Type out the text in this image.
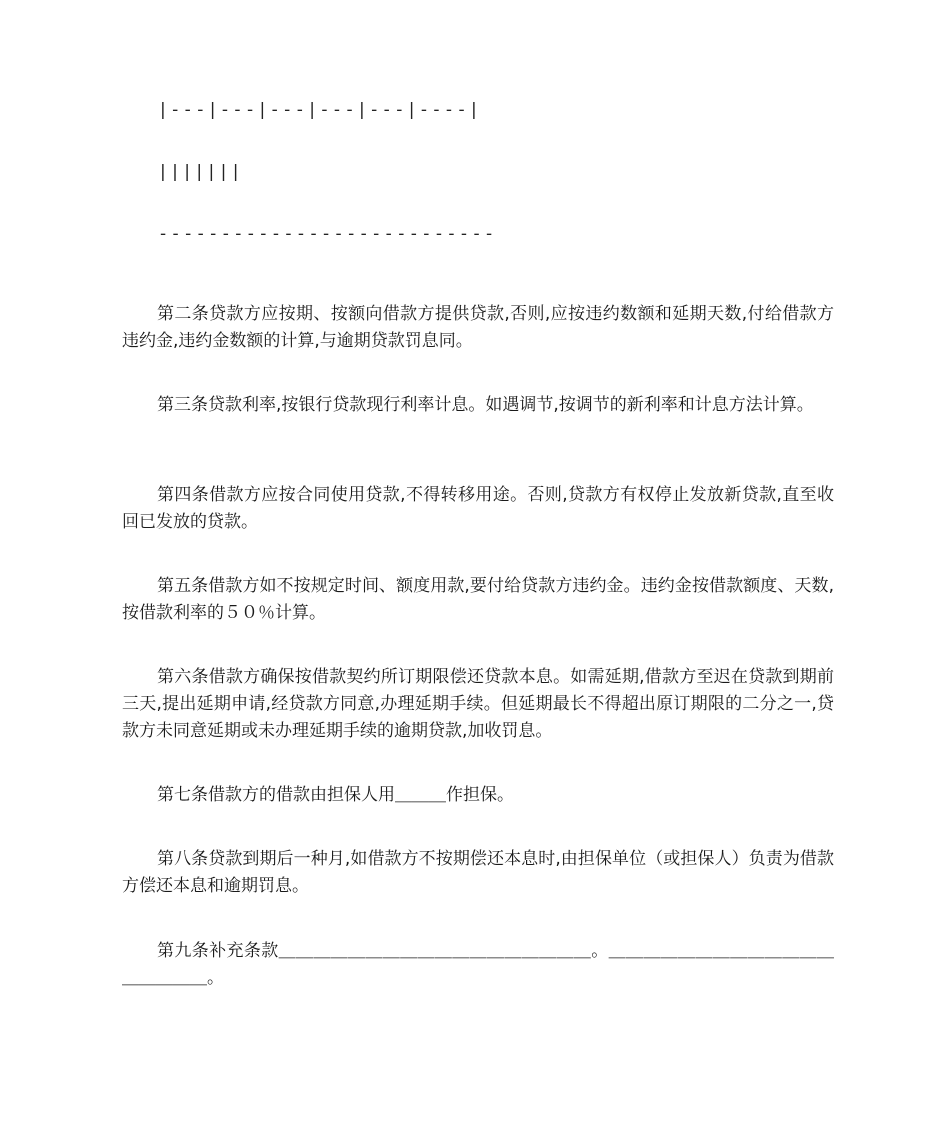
| - - - | - - - | - - - | - - - | - - - | - - - - |
| | | | | | |
- - - - - - - - - - - - - - - - - - - - - - - - - - -

第二条贷款方应按期、按额向借款方提供贷款,否则,应按违约数额和延期天数,付给借款方违约金,违约金数额的计算,与逾期贷款罚息同。

第三条贷款利率,按银行贷款现行利率计息。如遇调节,按调节的新利率和计息方法计算。

第四条借款方应按合同使用贷款,不得转移用途。否则,贷款方有权停止发放新贷款,直至收回已发放的贷款。

第五条借款方如不按规定时间、额度用款,要付给贷款方违约金。违约金按借款额度、天数,按借款利率的５０％计算。

第六条借款方确保按借款契约所订期限偿还贷款本息。如需延期,借款方至迟在贷款到期前三天,提出延期申请,经贷款方同意,办理延期手续。但延期最长不得超出原订期限的二分之一,贷款方未同意延期或未办理延期手续的逾期贷款,加收罚息。

第七条借款方的借款由担保人用＿＿＿作担保。

第八条贷款到期后一种月,如借款方不按期偿还本息时,由担保单位（或担保人）负责为借款方偿还本息和逾期罚息。

第九条补充条款＿＿＿＿＿＿＿＿＿＿＿＿＿＿＿＿＿＿。＿＿＿＿＿＿＿＿＿＿＿＿＿＿＿＿＿＿。
